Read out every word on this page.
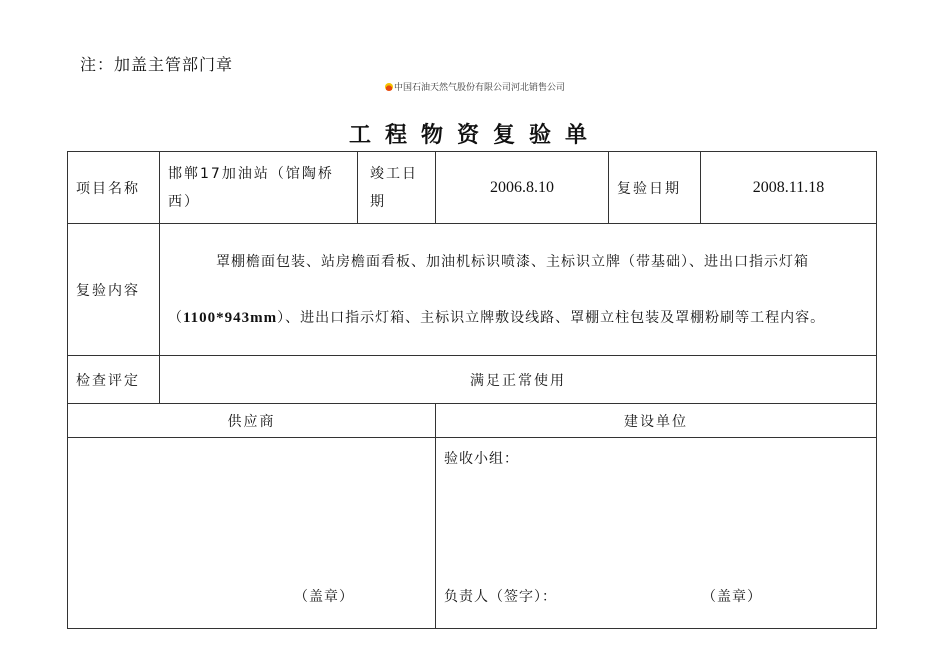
注：加盖主管部门章
中国石油天然气股份有限公司河北销售公司
工程物资复验单
项目名称	邯郸17加油站（馆陶桥西）	竣工日期	2006.8.10	复验日期	2008.11.18
复验内容	罩棚檐面包装、站房檐面看板、加油机标识喷漆、主标识立牌（带基础）、进出口指示灯箱（1100*943mm）、进出口指示灯箱、主标识立牌敷设线路、罩棚立柱包装及罩棚粉刷等工程内容。				

检查评定	满足正常使用				
供应商			建设单位		

（盖章）			验收小组：
负责人（签字）： （盖章）		
